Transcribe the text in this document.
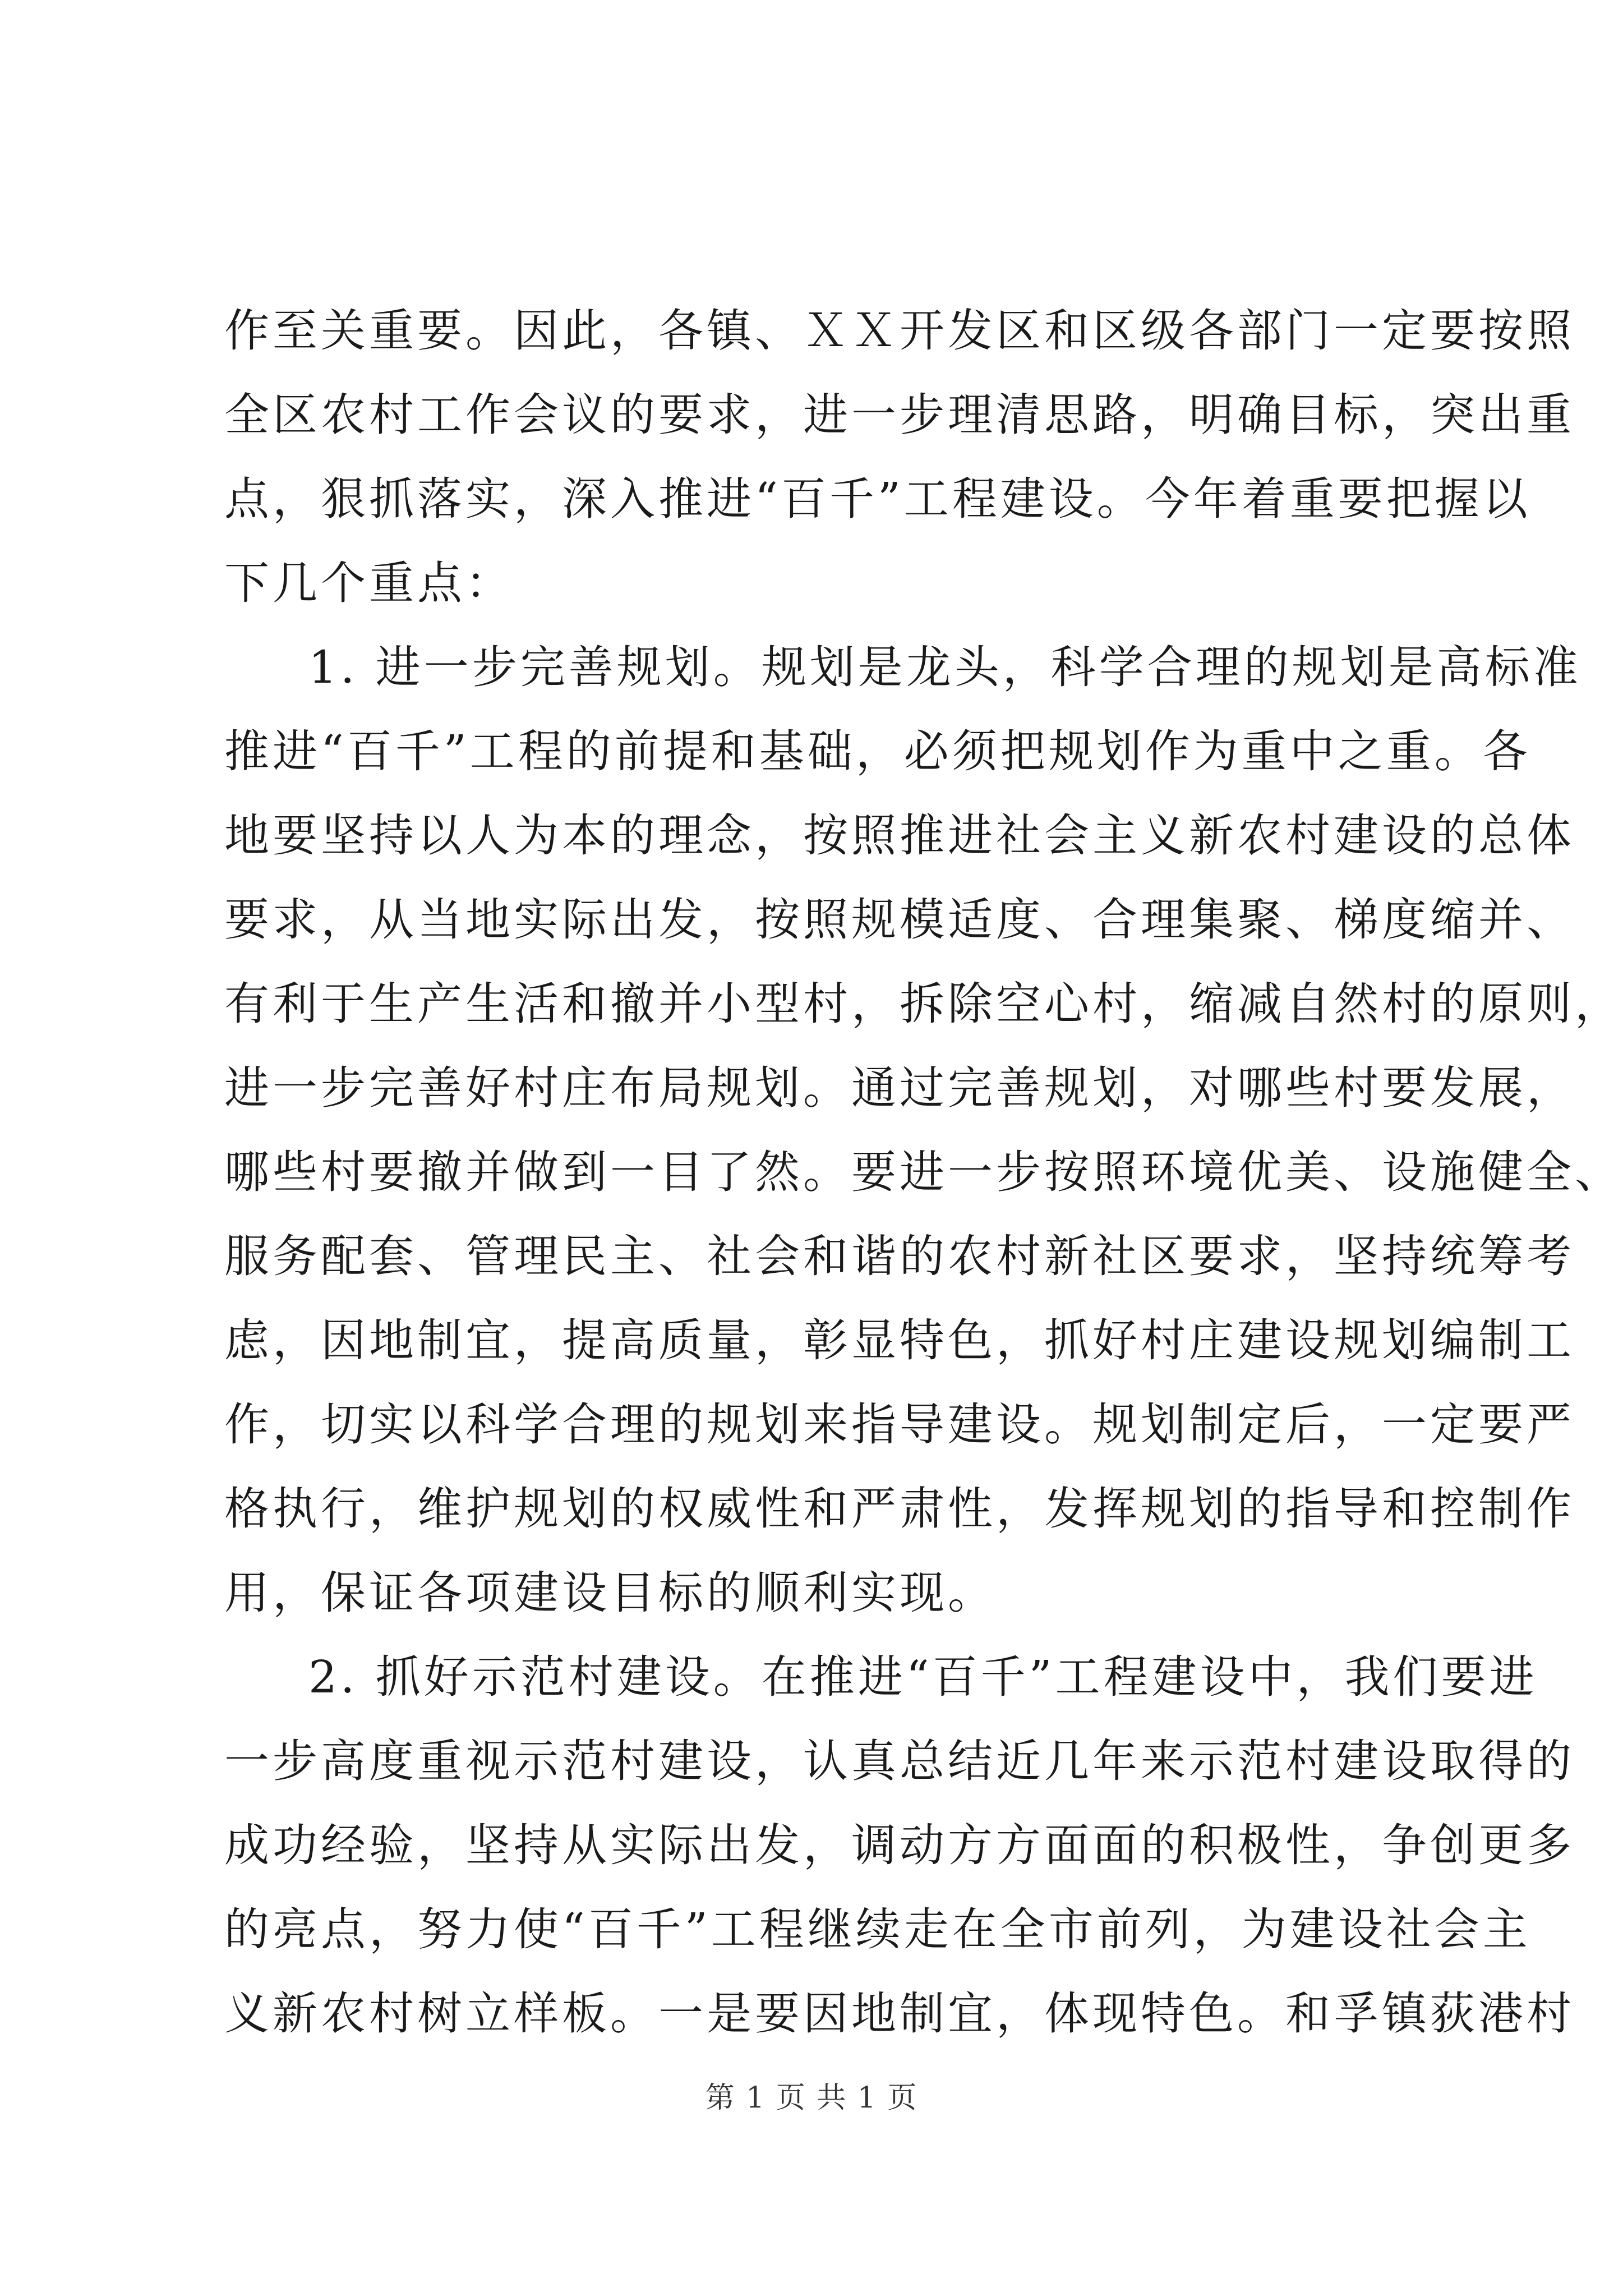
作至关重要。因此，各镇、ＸＸ开发区和区级各部门一定要按照
全区农村工作会议的要求，进一步理清思路，明确目标，突出重
点，狠抓落实，深入推进“百千”工程建设。今年着重要把握以
下几个重点：
1. 进一步完善规划。规划是龙头，科学合理的规划是高标准
推进“百千”工程的前提和基础，必须把规划作为重中之重。各
地要坚持以人为本的理念，按照推进社会主义新农村建设的总体
要求，从当地实际出发，按照规模适度、合理集聚、梯度缩并、
有利于生产生活和撤并小型村，拆除空心村，缩减自然村的原则，
进一步完善好村庄布局规划。通过完善规划，对哪些村要发展，
哪些村要撤并做到一目了然。要进一步按照环境优美、设施健全、
服务配套、管理民主、社会和谐的农村新社区要求，坚持统筹考
虑，因地制宜，提高质量，彰显特色，抓好村庄建设规划编制工
作，切实以科学合理的规划来指导建设。规划制定后，一定要严
格执行，维护规划的权威性和严肃性，发挥规划的指导和控制作
用，保证各项建设目标的顺利实现。
2. 抓好示范村建设。在推进“百千”工程建设中，我们要进
一步高度重视示范村建设，认真总结近几年来示范村建设取得的
成功经验，坚持从实际出发，调动方方面面的积极性，争创更多
的亮点，努力使“百千”工程继续走在全市前列，为建设社会主
义新农村树立样板。一是要因地制宜，体现特色。和孚镇荻港村
第 1 页 共 1 页
